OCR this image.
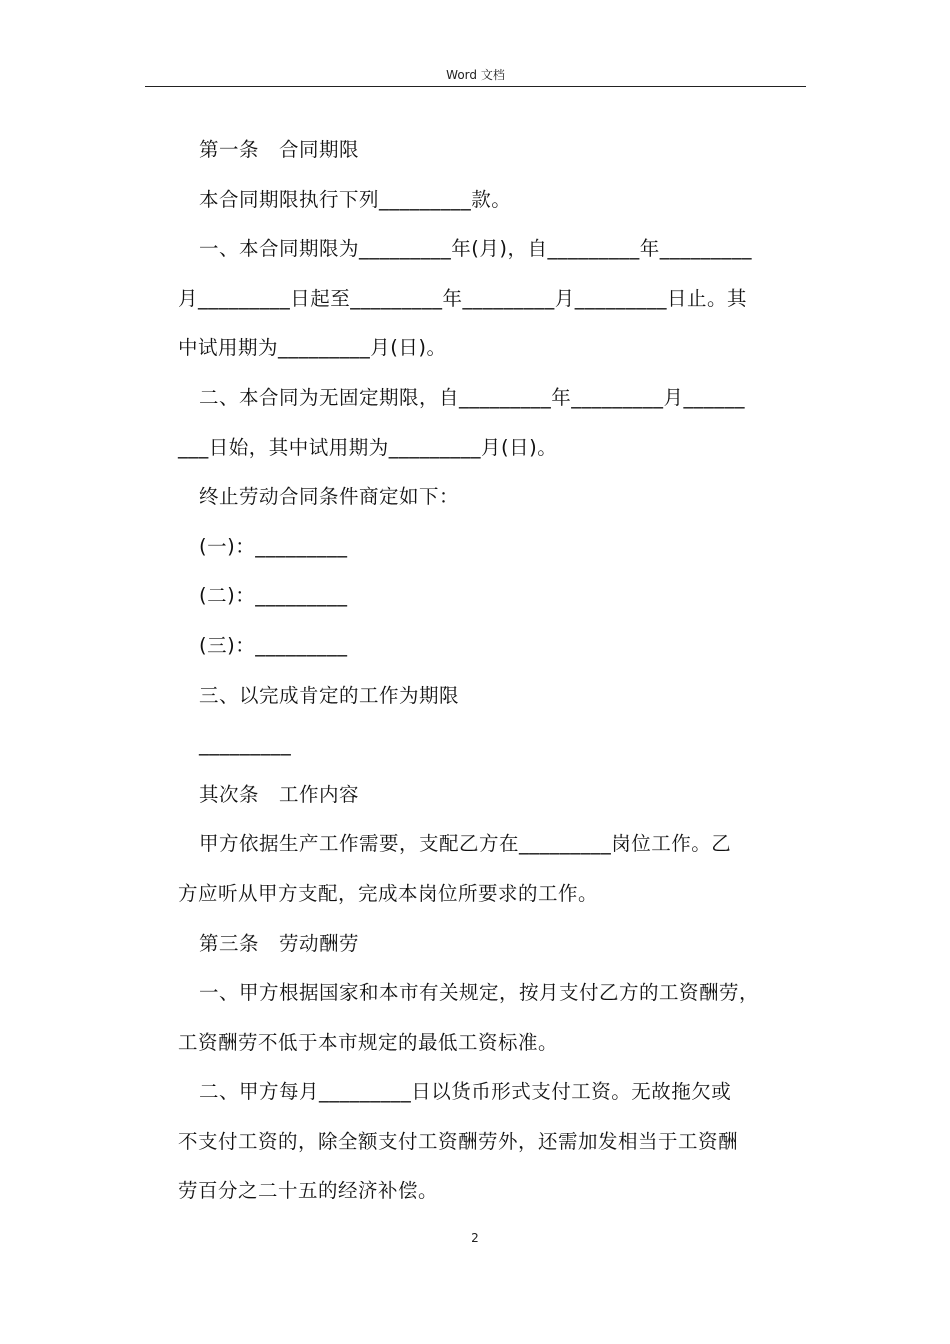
Word 文档
第一条　合同期限
本合同期限执行下列_________款。
一、本合同期限为_________年(月)，自_________年_________
月_________日起至_________年_________月_________日止。其
中试用期为_________月(日)。
二、本合同为无固定期限，自_________年_________月______
___日始，其中试用期为_________月(日)。
终止劳动合同条件商定如下：
(一)：_________
(二)：_________
(三)：_________
三、以完成肯定的工作为期限
_________
其次条　工作内容
甲方依据生产工作需要，支配乙方在_________岗位工作。乙
方应听从甲方支配，完成本岗位所要求的工作。
第三条　劳动酬劳
一、甲方根据国家和本市有关规定，按月支付乙方的工资酬劳，
工资酬劳不低于本市规定的最低工资标准。
二、甲方每月_________日以货币形式支付工资。无故拖欠或
不支付工资的，除全额支付工资酬劳外，还需加发相当于工资酬
劳百分之二十五的经济补偿。
2
